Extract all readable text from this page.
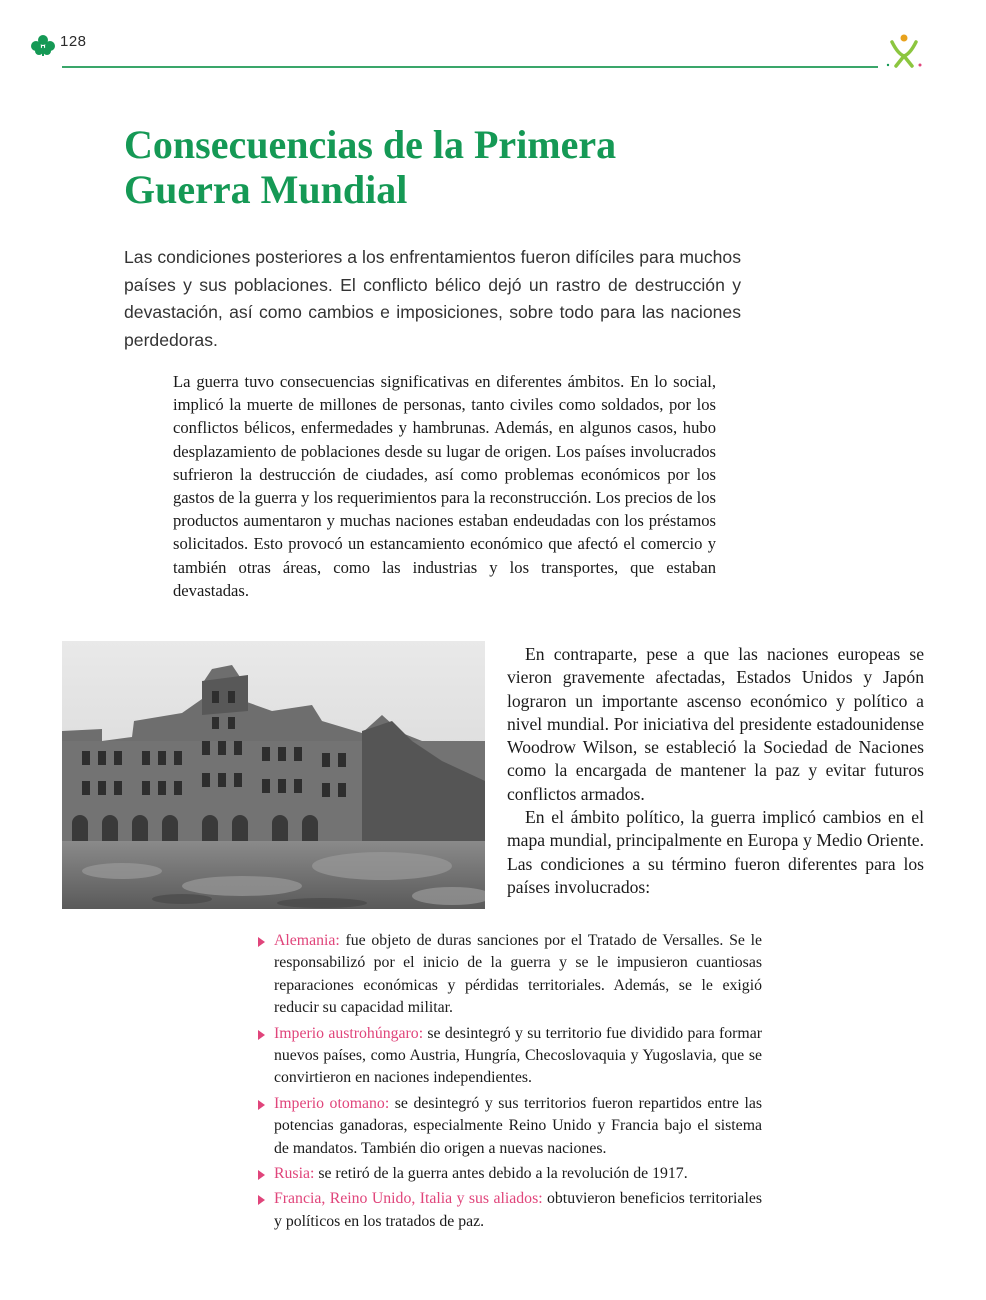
128
Consecuencias de la Primera
Guerra Mundial

Las condiciones posteriores a los enfrentamientos fueron difíciles para muchos países y sus poblaciones. El conflicto bélico dejó un rastro de destrucción y devastación, así como cambios e imposiciones, sobre todo para las naciones perdedoras.

La guerra tuvo consecuencias significativas en diferentes ámbitos. En lo social, implicó la muerte de millones de personas, tanto civiles como soldados, por los conflictos bélicos, enfermedades y hambrunas. Además, en algunos casos, hubo desplazamiento de poblaciones desde su lugar de origen. Los países involucrados sufrieron la destrucción de ciudades, así como problemas económicos por los gastos de la guerra y los requerimientos para la reconstrucción. Los precios de los productos aumentaron y muchas naciones estaban endeudadas con los préstamos solicitados. Esto provocó un estancamiento económico que afectó el comercio y también otras áreas, como las industrias y los transportes, que estaban devastadas.

En contraparte, pese a que las naciones europeas se vieron gravemente afectadas, Estados Unidos y Japón lograron un importante ascenso económico y político a nivel mundial. Por iniciativa del presidente estadounidense Woodrow Wilson, se estableció la Sociedad de Naciones como la encargada de mantener la paz y evitar futuros conflictos armados.

En el ámbito político, la guerra implicó cambios en el mapa mundial, principalmente en Europa y Medio Oriente. Las condiciones a su término fueron diferentes para los países involucrados:

Alemania: fue objeto de duras sanciones por el Tratado de Versalles. Se le responsabilizó por el inicio de la guerra y se le impusieron cuantiosas reparaciones económicas y pérdidas territoriales. Además, se le exigió reducir su capacidad militar.
Imperio austrohúngaro: se desintegró y su territorio fue dividido para formar nuevos países, como Austria, Hungría, Checoslovaquia y Yugoslavia, que se convirtieron en naciones independientes.
Imperio otomano: se desintegró y sus territorios fueron repartidos entre las potencias ganadoras, especialmente Reino Unido y Francia bajo el sistema de mandatos. También dio origen a nuevas naciones.
Rusia: se retiró de la guerra antes debido a la revolución de 1917.
Francia, Reino Unido, Italia y sus aliados: obtuvieron beneficios territoriales y políticos en los tratados de paz.
